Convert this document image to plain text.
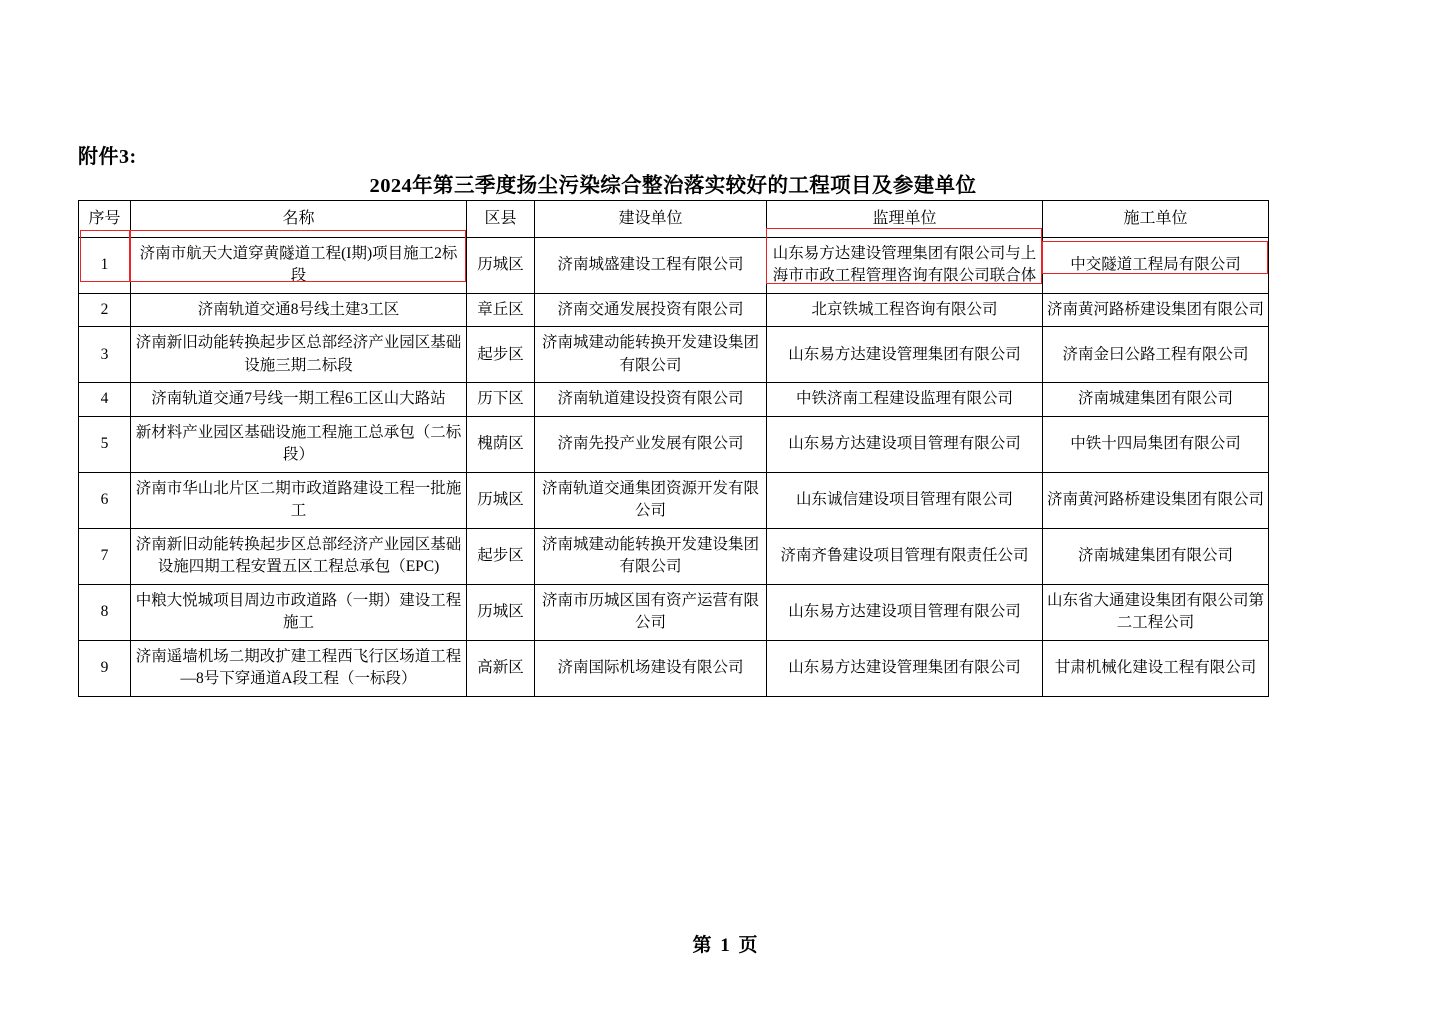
附件3:
2024年第三季度扬尘污染综合整治落实较好的工程项目及参建单位
序号	名称	区县	建设单位	监理单位	施工单位
1	济南市航天大道穿黄隧道工程(I期)项目施工2标段	历城区	济南城盛建设工程有限公司	山东易方达建设管理集团有限公司与上海市市政工程管理咨询有限公司联合体	中交隧道工程局有限公司
2	济南轨道交通8号线土建3工区	章丘区	济南交通发展投资有限公司	北京铁城工程咨询有限公司	济南黄河路桥建设集团有限公司
3	济南新旧动能转换起步区总部经济产业园区基础设施三期二标段	起步区	济南城建动能转换开发建设集团有限公司	山东易方达建设管理集团有限公司	济南金曰公路工程有限公司
4	济南轨道交通7号线一期工程6工区山大路站	历下区	济南轨道建设投资有限公司	中铁济南工程建设监理有限公司	济南城建集团有限公司
5	新材料产业园区基础设施工程施工总承包（二标段）	槐荫区	济南先投产业发展有限公司	山东易方达建设项目管理有限公司	中铁十四局集团有限公司
6	济南市华山北片区二期市政道路建设工程一批施工	历城区	济南轨道交通集团资源开发有限公司	山东诚信建设项目管理有限公司	济南黄河路桥建设集团有限公司
7	济南新旧动能转换起步区总部经济产业园区基础设施四期工程安置五区工程总承包（EPC)	起步区	济南城建动能转换开发建设集团有限公司	济南齐鲁建设项目管理有限责任公司	济南城建集团有限公司
8	中粮大悦城项目周边市政道路（一期）建设工程施工	历城区	济南市历城区国有资产运营有限公司	山东易方达建设项目管理有限公司	山东省大通建设集团有限公司第二工程公司
9	济南遥墙机场二期改扩建工程西飞行区场道工程—8号下穿通道A段工程（一标段）	高新区	济南国际机场建设有限公司	山东易方达建设管理集团有限公司	甘肃机械化建设工程有限公司
第 1 页
